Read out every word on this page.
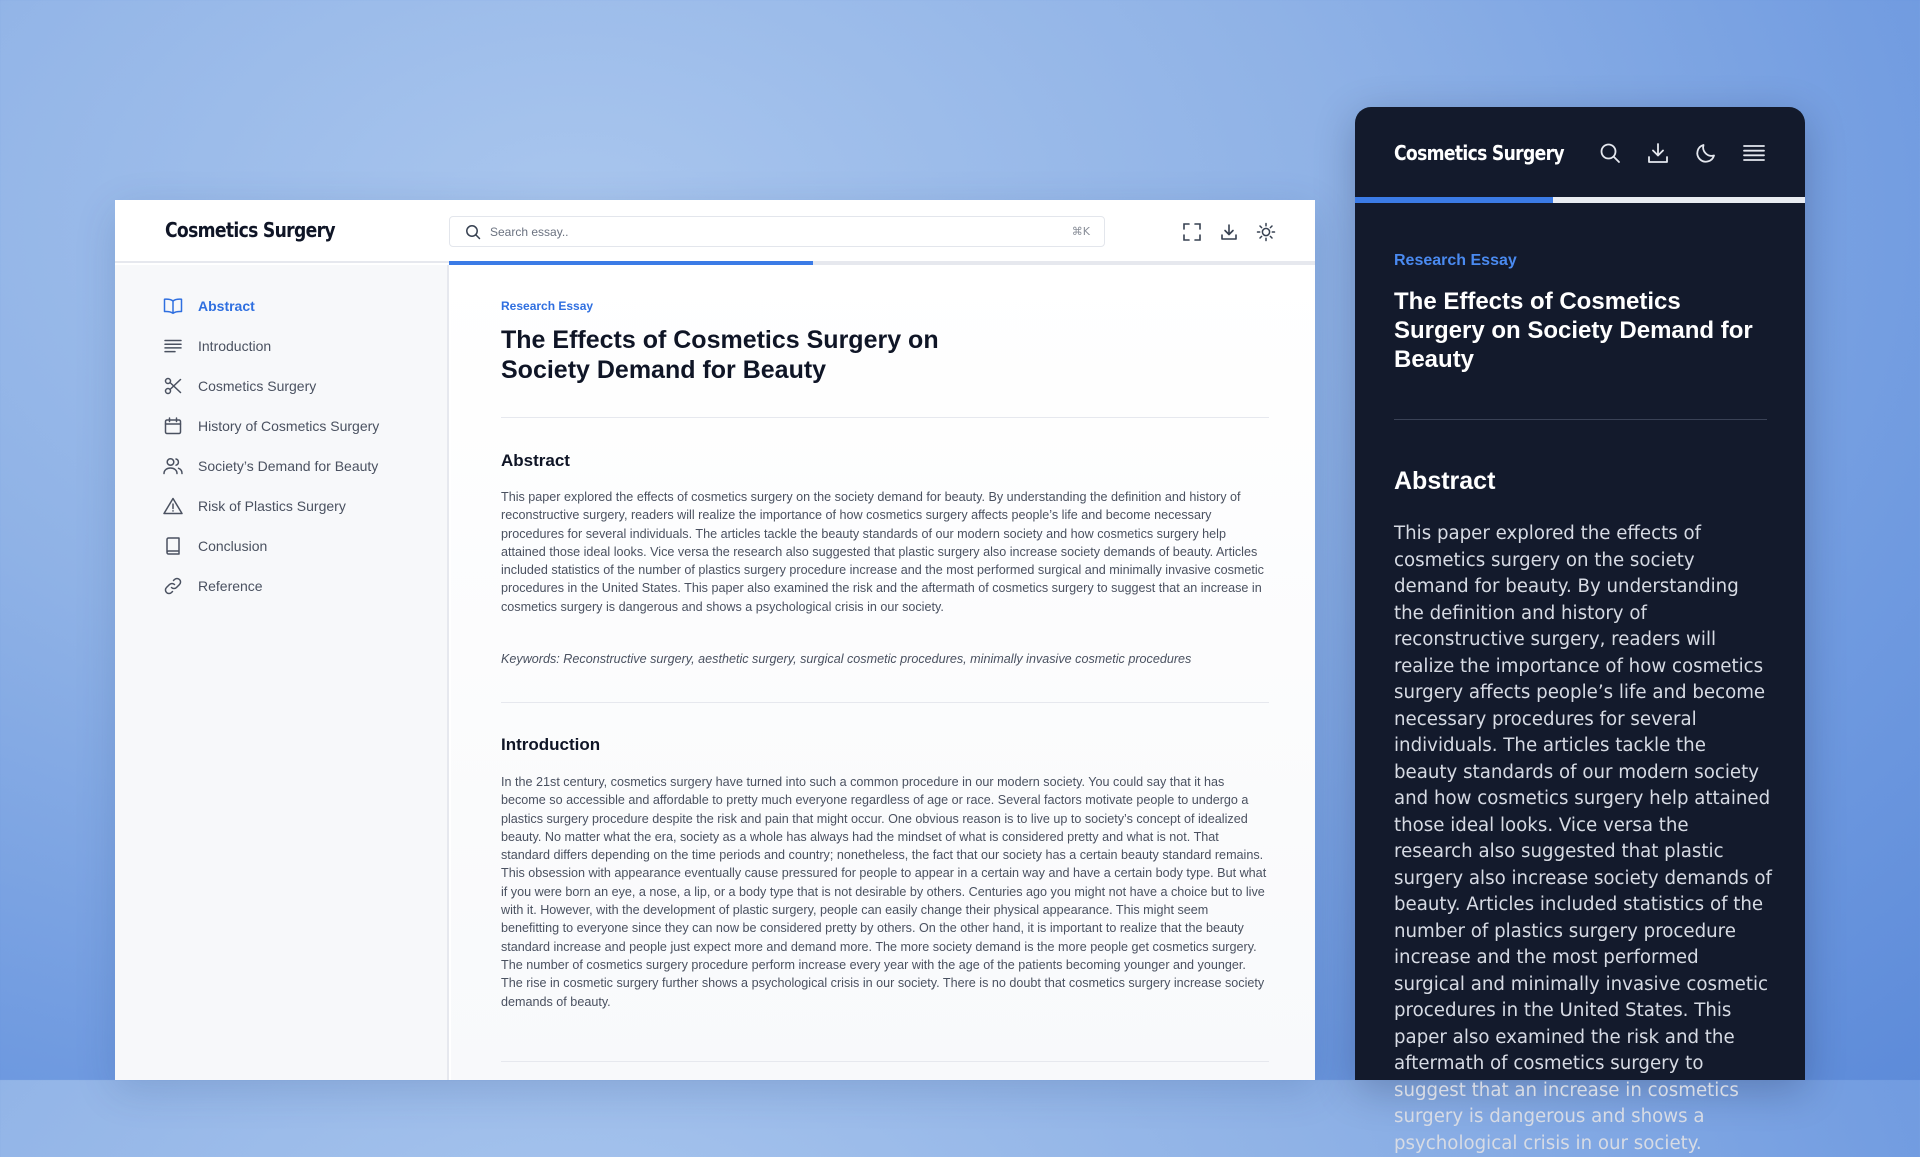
Cosmetics Surgery
Search essay..	⌘K
Abstract
Introduction
Cosmetics Surgery
History of Cosmetics Surgery
Society’s Demand for Beauty
Risk of Plastics Surgery
Conclusion
Reference
Research Essay
The Effects of Cosmetics Surgery on Society Demand for Beauty
Abstract
This paper explored the effects of cosmetics surgery on the society demand for beauty. By understanding the definition and history of reconstructive surgery, readers will realize the importance of how cosmetics surgery affects people’s life and become necessary procedures for several individuals. The articles tackle the beauty standards of our modern society and how cosmetics surgery help attained those ideal looks. Vice versa the research also suggested that plastic surgery also increase society demands of beauty. Articles included statistics of the number of plastics surgery procedure increase and the most performed surgical and minimally invasive cosmetic procedures in the United States. This paper also examined the risk and the aftermath of cosmetics surgery to suggest that an increase in cosmetics surgery is dangerous and shows a psychological crisis in our society.
Keywords: Reconstructive surgery, aesthetic surgery, surgical cosmetic procedures, minimally invasive cosmetic procedures
Introduction
In the 21st century, cosmetics surgery have turned into such a common procedure in our modern society. You could say that it has become so accessible and affordable to pretty much everyone regardless of age or race. Several factors motivate people to undergo a plastics surgery procedure despite the risk and pain that might occur. One obvious reason is to live up to society’s concept of idealized beauty. No matter what the era, society as a whole has always had the mindset of what is considered pretty and what is not. That standard differs depending on the time periods and country; nonetheless, the fact that our society has a certain beauty standard remains. This obsession with appearance eventually cause pressured for people to appear in a certain way and have a certain body type. But what if you were born an eye, a nose, a lip, or a body type that is not desirable by others. Centuries ago you might not have a choice but to live with it. However, with the development of plastic surgery, people can easily change their physical appearance. This might seem benefitting to everyone since they can now be considered pretty by others. On the other hand, it is important to realize that the beauty standard increase and people just expect more and demand more. The more society demand is the more people get cosmetics surgery. The number of cosmetics surgery procedure perform increase every year with the age of the patients becoming younger and younger. The rise in cosmetic surgery further shows a psychological crisis in our society. There is no doubt that cosmetics surgery increase society demands of beauty.
Cosmetics Surgery
Research Essay
The Effects of Cosmetics Surgery on Society Demand for Beauty
Abstract
This paper explored the effects of cosmetics surgery on the society demand for beauty. By understanding the definition and history of reconstructive surgery, readers will realize the importance of how cosmetics surgery affects people’s life and become necessary procedures for several individuals. The articles tackle the beauty standards of our modern society and how cosmetics surgery help attained those ideal looks. Vice versa the research also suggested that plastic surgery also increase society demands of beauty. Articles included statistics of the number of plastics surgery procedure increase and the most performed surgical and minimally invasive cosmetic procedures in the United States. This paper also examined the risk and the aftermath of cosmetics surgery to suggest that an increase in cosmetics surgery is dangerous and shows a psychological crisis in our society.
